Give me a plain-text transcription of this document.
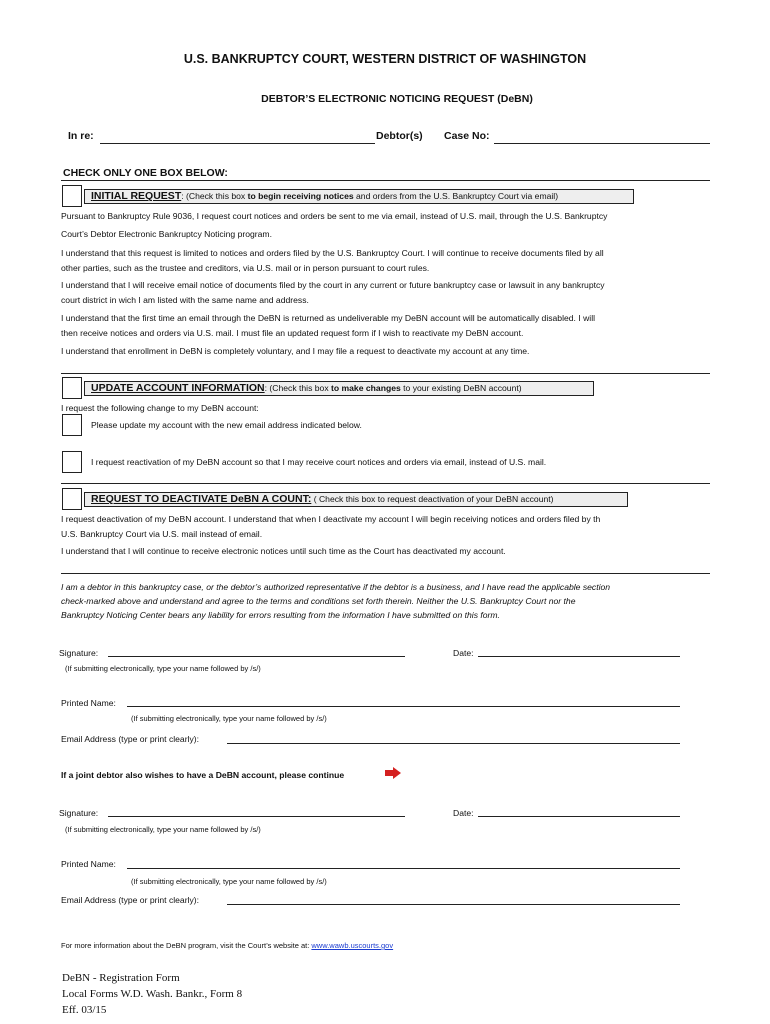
U.S. BANKRUPTCY COURT, WESTERN DISTRICT OF WASHINGTON
DEBTOR’S ELECTRONIC NOTICING REQUEST (DeBN)
In re:	Debtor(s) Case No:
CHECK ONLY ONE BOX BELOW:
INITIAL REQUEST: (Check this box to begin receiving notices and orders from the U.S. Bankruptcy Court via email)
Pursuant to Bankruptcy Rule 9036, I request court notices and orders be sent to me via email, instead of U.S. mail, through the U.S. Bankruptcy
Court’s Debtor Electronic Bankruptcy Noticing program.
I understand that this request is limited to notices and orders filed by the U.S. Bankruptcy Court. I will continue to receive documents filed by all
other parties, such as the trustee and creditors, via U.S. mail or in person pursuant to court rules.
I understand that I will receive email notice of documents filed by the court in any current or future bankruptcy case or lawsuit in any bankruptcy
court district in wich I am listed with the same name and address.
I understand that the first time an email through the DeBN is returned as undeliverable my DeBN account will be automatically disabled. I will
then receive notices and orders via U.S. mail. I must file an updated request form if I wish to reactivate my DeBN account.
I understand that enrollment in DeBN is completely voluntary, and I may file a request to deactivate my account at any time.
UPDATE ACCOUNT INFORMATION: (Check this box to make changes to your existing DeBN account)
I request the following change to my DeBN account:
Please update my account with the new email address indicated below.
I request reactivation of my DeBN account so that I may receive court notices and orders via email, instead of U.S. mail.
REQUEST TO DEACTIVATE DeBN A COUNT: ( Check this box to request deactivation of your DeBN account)
I request deactivation of my DeBN account. I understand that when I deactivate my account I will begin receiving notices and orders filed by th
U.S. Bankruptcy Court via U.S. mail instead of email.
I understand that I will continue to receive electronic notices until such time as the Court has deactivated my account.
I am a debtor in this bankruptcy case, or the debtor’s authorized representative if the debtor is a business, and I have read the applicable section
check-marked above and understand and agree to the terms and conditions set forth therein. Neither the U.S. Bankruptcy Court nor the
Bankruptcy Noticing Center bears any liability for errors resulting from the information I have submitted on this form.
Signature:	Date:
(If submitting electronically, type your name followed by /s/)
Printed Name:
(If submitting electronically, type your name followed by /s/)
Email Address (type or print clearly):
If a joint debtor also wishes to have a DeBN account, please continue
Signature:	Date:
(If submitting electronically, type your name followed by /s/)
Printed Name:
(If submitting electronically, type your name followed by /s/)
Email Address (type or print clearly):
For more information about the DeBN program, visit the Court’s website at: www.wawb.uscourts.gov
DeBN - Registration Form
Local Forms W.D. Wash. Bankr., Form 8
Eff. 03/15
